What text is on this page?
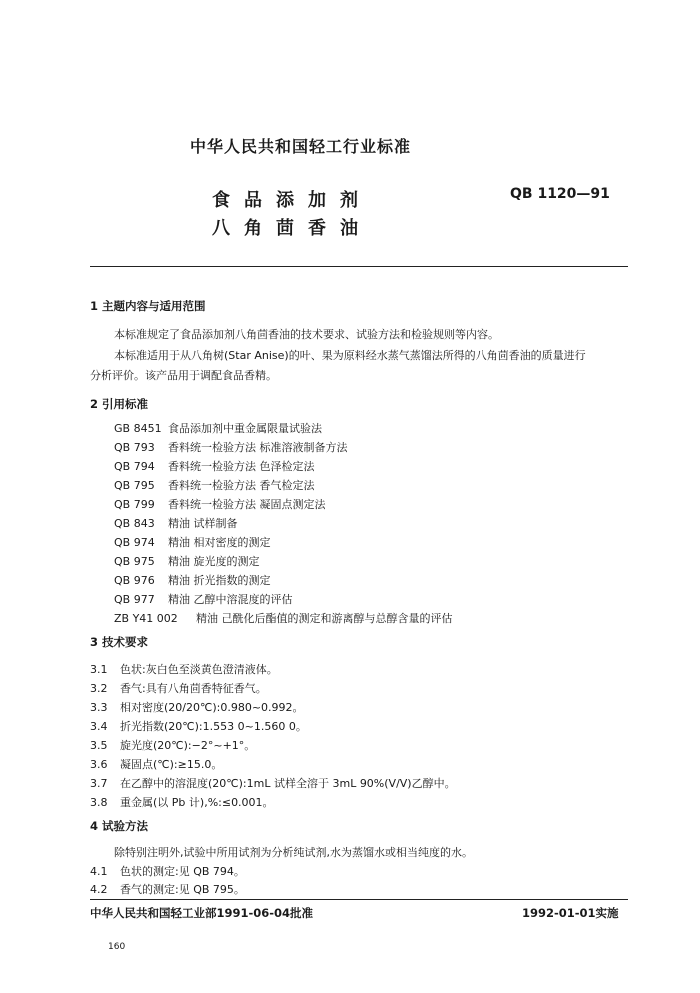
中华人民共和国轻工行业标准
食品添加剂
八角茴香油
QB 1120—91
1 主题内容与适用范围
本标准规定了食品添加剂八角茴香油的技术要求、试验方法和检验规则等内容。
本标准适用于从八角树(Star Anise)的叶、果为原料经水蒸气蒸馏法所得的八角茴香油的质量进行
分析评价。该产品用于调配食品香精。
2 引用标准
GB 8451 食品添加剂中重金属限量试验法
QB 793 香料统一检验方法 标准溶液制备方法
QB 794 香料统一检验方法 色泽检定法
QB 795 香料统一检验方法 香气检定法
QB 799 香料统一检验方法 凝固点测定法
QB 843 精油 试样制备
QB 974 精油 相对密度的测定
QB 975 精油 旋光度的测定
QB 976 精油 折光指数的测定
QB 977 精油 乙醇中溶混度的评估
ZB Y41 002 精油 己酰化后酯值的测定和游离醇与总醇含量的评估
3 技术要求
3.1 色状:灰白色至淡黄色澄清液体。
3.2 香气:具有八角茴香特征香气。
3.3 相对密度(20/20℃):0.980~0.992。
3.4 折光指数(20℃):1.553 0~1.560 0。
3.5 旋光度(20℃):−2°~+1°。
3.6 凝固点(℃):≥15.0。
3.7 在乙醇中的溶混度(20℃):1mL 试样全溶于 3mL 90%(V/V)乙醇中。
3.8 重金属(以 Pb 计),%:≤0.001。
4 试验方法
除特别注明外,试验中所用试剂为分析纯试剂,水为蒸馏水或相当纯度的水。
4.1 色状的测定:见 QB 794。
4.2 香气的测定:见 QB 795。
中华人民共和国轻工业部1991-06-04批准	1992-01-01实施
160
